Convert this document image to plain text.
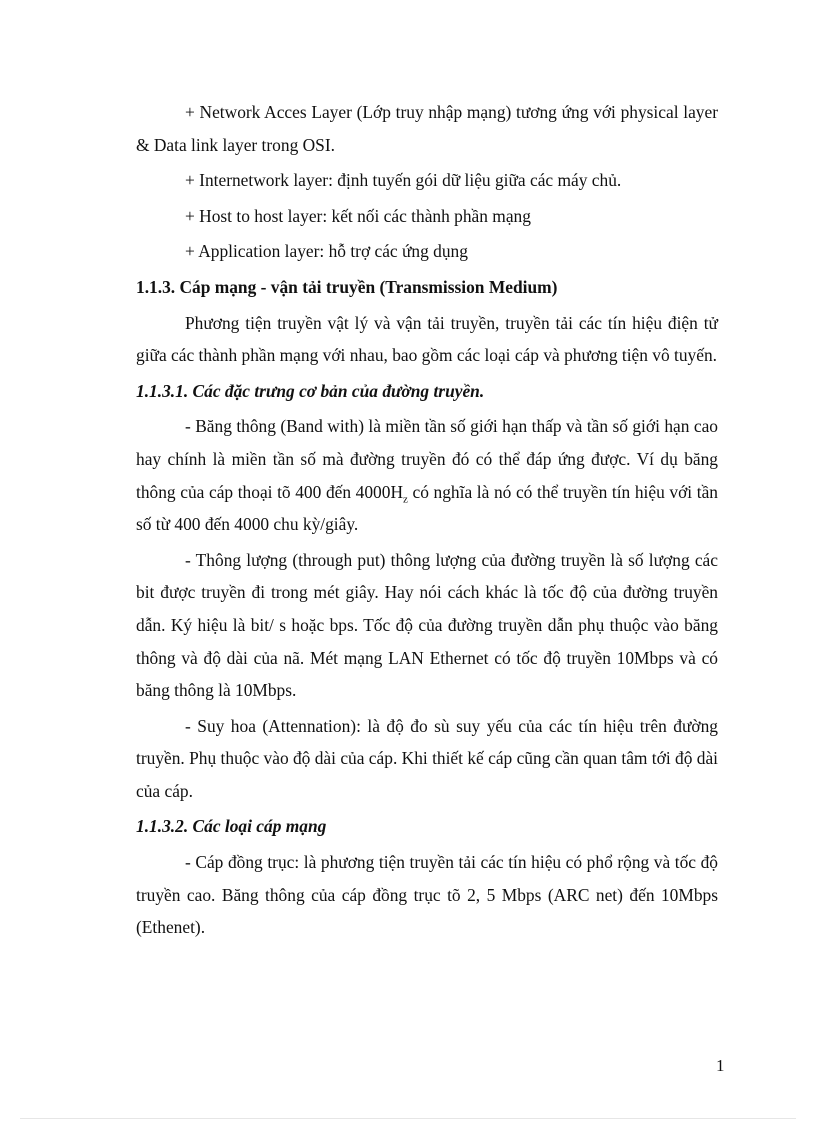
+ Network Acces Layer (Lớp truy nhập mạng) tương ứng với physical layer & Data link layer trong OSI.

+ Internetwork layer: định tuyến gói dữ liệu giữa các máy chủ.

+ Host to host layer: kết nối các thành phần mạng

+ Application layer: hỗ trợ các ứng dụng

1.1.3. Cáp mạng - vận tải truyền (Transmission Medium)

Phương tiện truyền vật lý và vận tải truyền, truyền tải các tín hiệu điện tử giữa các thành phần mạng với nhau, bao gồm các loại cáp và phương tiện vô tuyến.

1.1.3.1. Các đặc trưng cơ bản của đường truyền.

- Băng thông (Band with) là miền tần số giới hạn thấp và tần số giới hạn cao hay chính là miền tần số mà đường truyền đó có thể đáp ứng được. Ví dụ băng thông của cáp thoại tõ 400 đến $4000H_z$ có nghĩa là nó có thể truyền tín hiệu với tần số từ 400 đến 4000 chu kỳ/giây.

- Thông lượng (through put) thông lượng của đường truyền là số lượng các bit được truyền đi trong mét giây. Hay nói cách khác là tốc độ của đường truyền dẫn. Ký hiệu là bit/ s hoặc bps. Tốc độ của đường truyền dẫn phụ thuộc vào băng thông và độ dài của nã. Mét mạng LAN Ethernet có tốc độ truyền 10Mbps và có băng thông là 10Mbps.

- Suy hoa (Attennation): là độ đo sù suy yếu của các tín hiệu trên đường truyền. Phụ thuộc vào độ dài của cáp. Khi thiết kế cáp cũng cần quan tâm tới độ dài của cáp.

1.1.3.2. Các loại cáp mạng

- Cáp đồng trục: là phương tiện truyền tải các tín hiệu có phổ rộng và tốc độ truyền cao. Băng thông của cáp đồng trục tõ 2, 5 Mbps (ARC net) đến 10Mbps (Ethenet).

1
